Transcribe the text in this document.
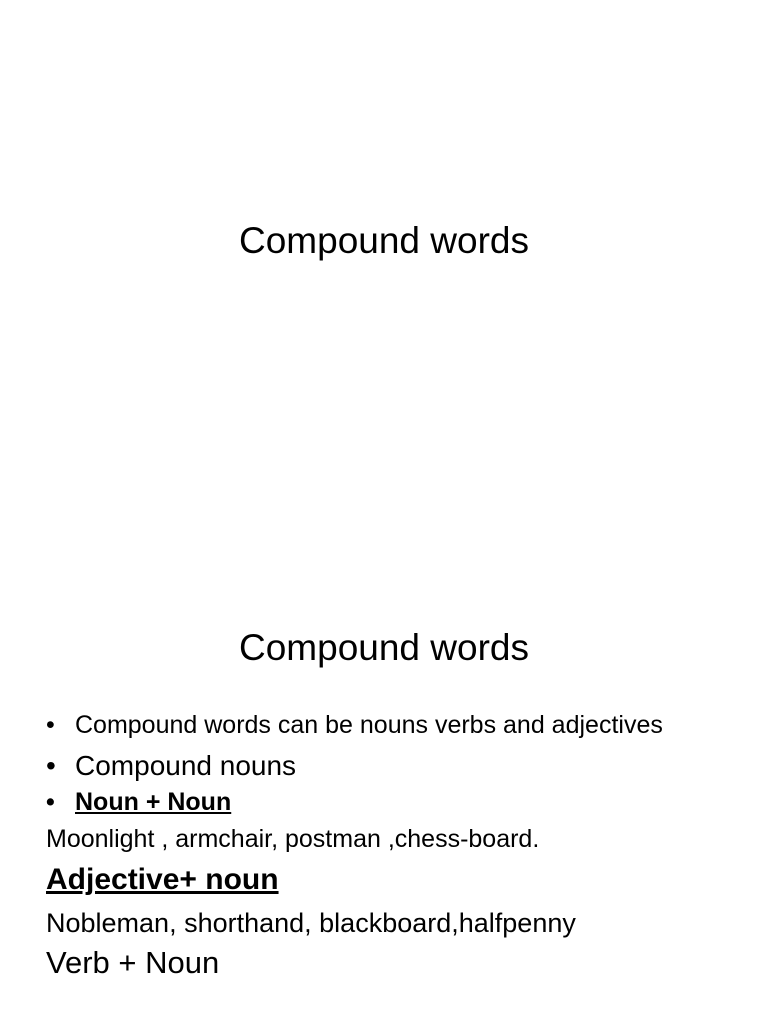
Compound words
Compound words
• Compound words can be nouns verbs and adjectives
• Compound nouns
• Noun + Noun
Moonlight , armchair, postman ,chess-board.
Adjective+ noun
Nobleman, shorthand, blackboard,halfpenny
Verb + Noun
